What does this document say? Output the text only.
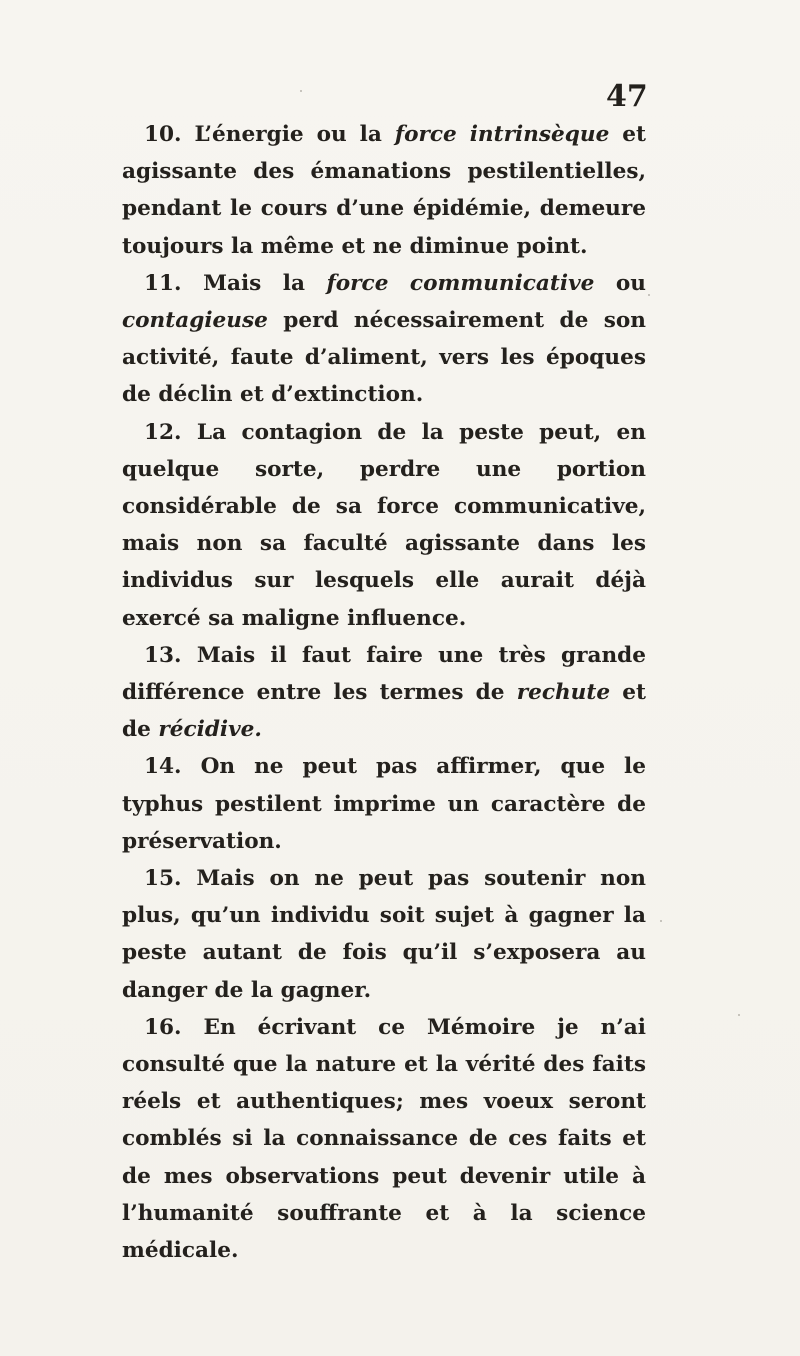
47

10. L’énergie ou la force intrinsèque et agissante des émanations pestilentielles, pendant le cours d’une épidémie, demeure toujours la même et ne diminue point.

11. Mais la force communicative ou contagieuse perd nécessairement de son activité, faute d’aliment, vers les époques de déclin et d’extinction.

12. La contagion de la peste peut, en quelque sorte, perdre une portion considérable de sa force communicative, mais non sa faculté agissante dans les individus sur lesquels elle aurait déjà exercé sa maligne influence.

13. Mais il faut faire une très grande différence entre les termes de rechute et de récidive.

14. On ne peut pas affirmer, que le typhus pestilent imprime un caractère de préservation.

15. Mais on ne peut pas soutenir non plus, qu’un individu soit sujet à gagner la peste autant de fois qu’il s’exposera au danger de la gagner.

16. En écrivant ce Mémoire je n’ai consulté que la nature et la vérité des faits réels et authentiques; mes voeux seront comblés si la connaissance de ces faits et de mes observations peut devenir utile à l’humanité souffrante et à la science médicale.
